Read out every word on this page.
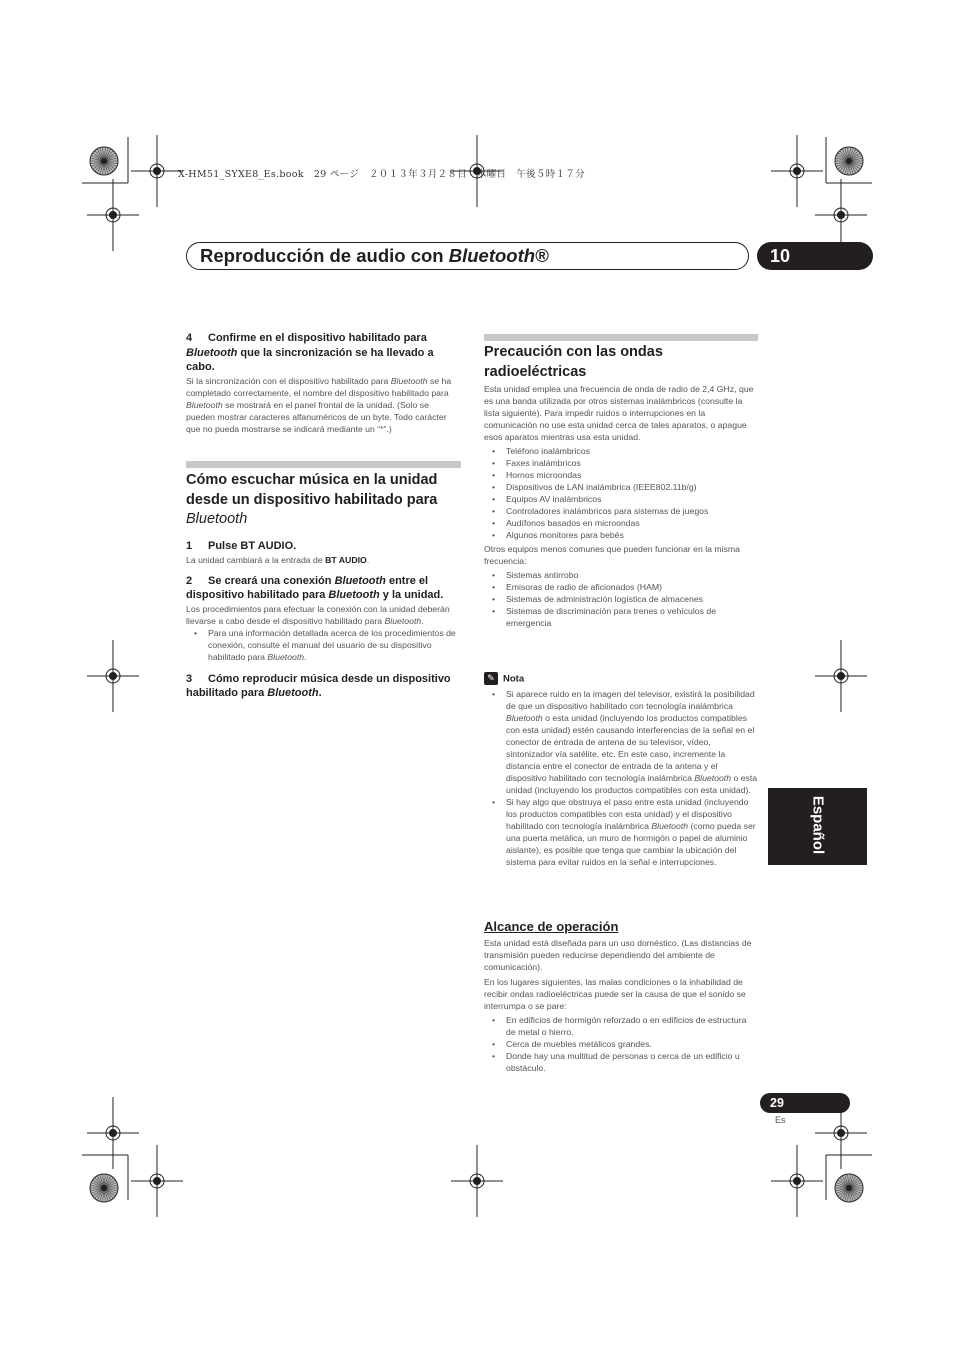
X-HM51_SYXE8_Es.book   29 ページ   ２０１３年３月２８日   木曜日   午後５時１７分
Reproducción de audio con Bluetooth®	10

4 Confirme en el dispositivo habilitado para Bluetooth que la sincronización se ha llevado a cabo.

Si la sincronización con el dispositivo habilitado para Bluetooth se ha completado correctamente, el nombre del dispositivo habilitado para Bluetooth se mostrará en el panel frontal de la unidad. (Solo se pueden mostrar caracteres alfanuméricos de un byte. Todo carácter que no pueda mostrarse se indicará mediante un “*”.)

Cómo escuchar música en la unidad desde un dispositivo habilitado para Bluetooth

1 Pulse BT AUDIO.

La unidad cambiará a la entrada de BT AUDIO.

2 Se creará una conexión Bluetooth entre el dispositivo habilitado para Bluetooth y la unidad.

Los procedimientos para efectuar la conexión con la unidad deberán llevarse a cabo desde el dispositivo habilitado para Bluetooth.

• Para una información detallada acerca de los procedimientos de conexión, consulte el manual del usuario de su dispositivo habilitado para Bluetooth.

3 Cómo reproducir música desde un dispositivo habilitado para Bluetooth.

Precaución con las ondas radioeléctricas

Esta unidad emplea una frecuencia de onda de radio de 2,4 GHz, que es una banda utilizada por otros sistemas inalámbricos (consulte la lista siguiente). Para impedir ruidos o interrupciones en la comunicación no use esta unidad cerca de tales aparatos, o apague esos aparatos mientras usa esta unidad.

• Teléfono inalámbricos
• Faxes inalámbricos
• Hornos microondas
• Dispositivos de LAN inalámbrica (IEEE802.11b/g)
• Equipos AV inalámbricos
• Controladores inalámbricos para sistemas de juegos
• Audífonos basados en microondas
• Algunos monitores para bebés

Otros equipos menos comunes que pueden funcionar en la misma frecuencia:

• Sistemas antirrobo
• Emisoras de radio de aficionados (HAM)
• Sistemas de administración logística de almacenes
• Sistemas de discriminación para trenes o vehículos de emergencia
✎ Nota
• Si aparece ruido en la imagen del televisor, existirá la posibilidad de que un dispositivo habilitado con tecnología inalámbrica Bluetooth o esta unidad (incluyendo los productos compatibles con esta unidad) estén causando interferencias de la señal en el conector de entrada de antena de su televisor, vídeo, sintonizador vía satélite, etc. En este caso, incremente la distancia entre el conector de entrada de la antena y el dispositivo habilitado con tecnología inalámbrica Bluetooth o esta unidad (incluyendo los productos compatibles con esta unidad).
• Si hay algo que obstruya el paso entre esta unidad (incluyendo los productos compatibles con esta unidad) y el dispositivo habilitado con tecnología inalámbrica Bluetooth (como pueda ser una puerta metálica, un muro de hormigón o papel de aluminio aislante), es posible que tenga que cambiar la ubicación del sistema para evitar ruidos en la señal e interrupciones.
Alcance de operación

Esta unidad está diseñada para un uso doméstico. (Las distancias de transmisión pueden reducirse dependiendo del ambiente de comunicación).

En los lugares siguientes, las malas condiciones o la inhabilidad de recibir ondas radioeléctricas puede ser la causa de que el sonido se interrumpa o se pare:

• En edificios de hormigón reforzado o en edificios de estructura de metal o hierro.
• Cerca de muebles metálicos grandes.
• Donde hay una multitud de personas o cerca de un edificio u obstáculo.
Español
29
Es
